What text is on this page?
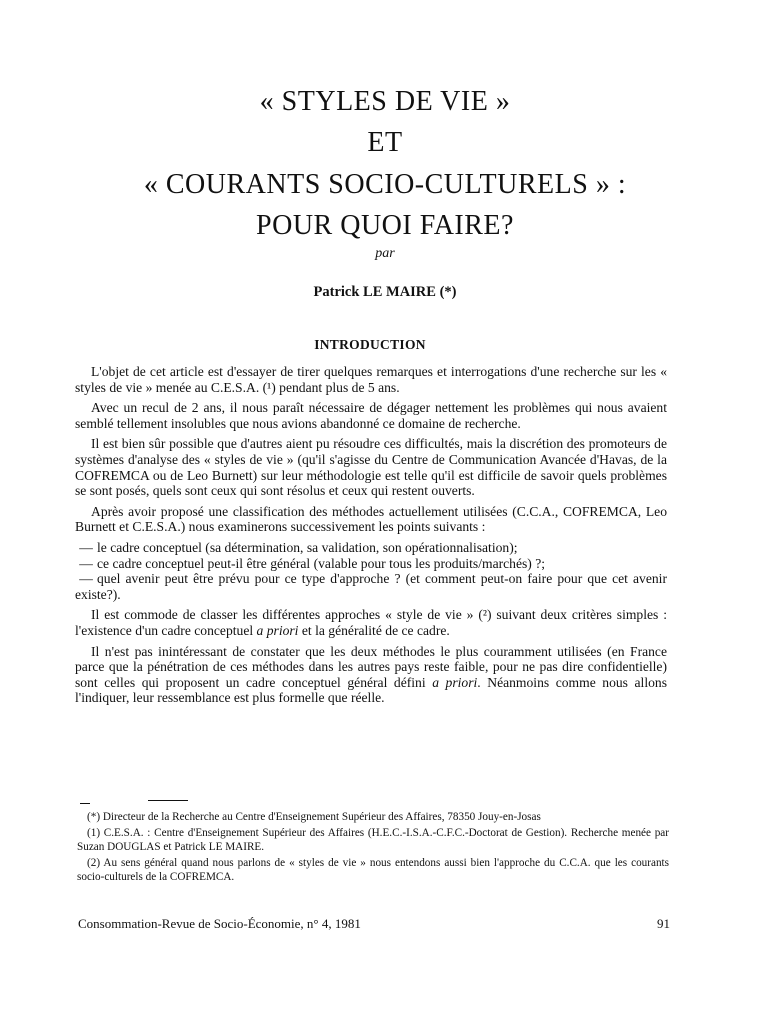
« STYLES DE VIE »
ET
« COURANTS SOCIO-CULTURELS » :
POUR QUOI FAIRE?
par
Patrick LE MAIRE (*)
INTRODUCTION

L'objet de cet article est d'essayer de tirer quelques remarques et interrogations d'une recherche sur les « styles de vie » menée au C.E.S.A. (¹) pendant plus de 5 ans.

Avec un recul de 2 ans, il nous paraît nécessaire de dégager nettement les problèmes qui nous avaient semblé tellement insolubles que nous avions abandonné ce domaine de recherche.

Il est bien sûr possible que d'autres aient pu résoudre ces difficultés, mais la discrétion des promoteurs de systèmes d'analyse des « styles de vie » (qu'il s'agisse du Centre de Communication Avancée d'Havas, de la COFREMCA ou de Leo Burnett) sur leur méthodologie est telle qu'il est difficile de savoir quels problèmes se sont posés, quels sont ceux qui sont résolus et ceux qui restent ouverts.

Après avoir proposé une classification des méthodes actuellement utilisées (C.C.A., COFREMCA, Leo Burnett et C.E.S.A.) nous examinerons successivement les points suivants :

— le cadre conceptuel (sa détermination, sa validation, son opérationnalisation);
— ce cadre conceptuel peut-il être général (valable pour tous les produits/marchés) ?;
— quel avenir peut être prévu pour ce type d'approche ? (et comment peut-on faire pour que cet avenir existe?).

Il est commode de classer les différentes approches « style de vie » (²) suivant deux critères simples : l'existence d'un cadre conceptuel a priori et la généralité de ce cadre.

Il n'est pas inintéressant de constater que les deux méthodes le plus couramment utilisées (en France parce que la pénétration de ces méthodes dans les autres pays reste faible, pour ne pas dire confidentielle) sont celles qui proposent un cadre conceptuel général défini a priori. Néanmoins comme nous allons l'indiquer, leur ressemblance est plus formelle que réelle.

(*) Directeur de la Recherche au Centre d'Enseignement Supérieur des Affaires, 78350 Jouy-en-Josas

(1) C.E.S.A. : Centre d'Enseignement Supérieur des Affaires (H.E.C.-I.S.A.-C.F.C.-Doctorat de Gestion). Recherche menée par Suzan DOUGLAS et Patrick LE MAIRE.

(2) Au sens général quand nous parlons de « styles de vie » nous entendons aussi bien l'approche du C.C.A. que les courants socio-culturels de la COFREMCA.

Consommation-Revue de Socio-Économie, n° 4, 1981	91
